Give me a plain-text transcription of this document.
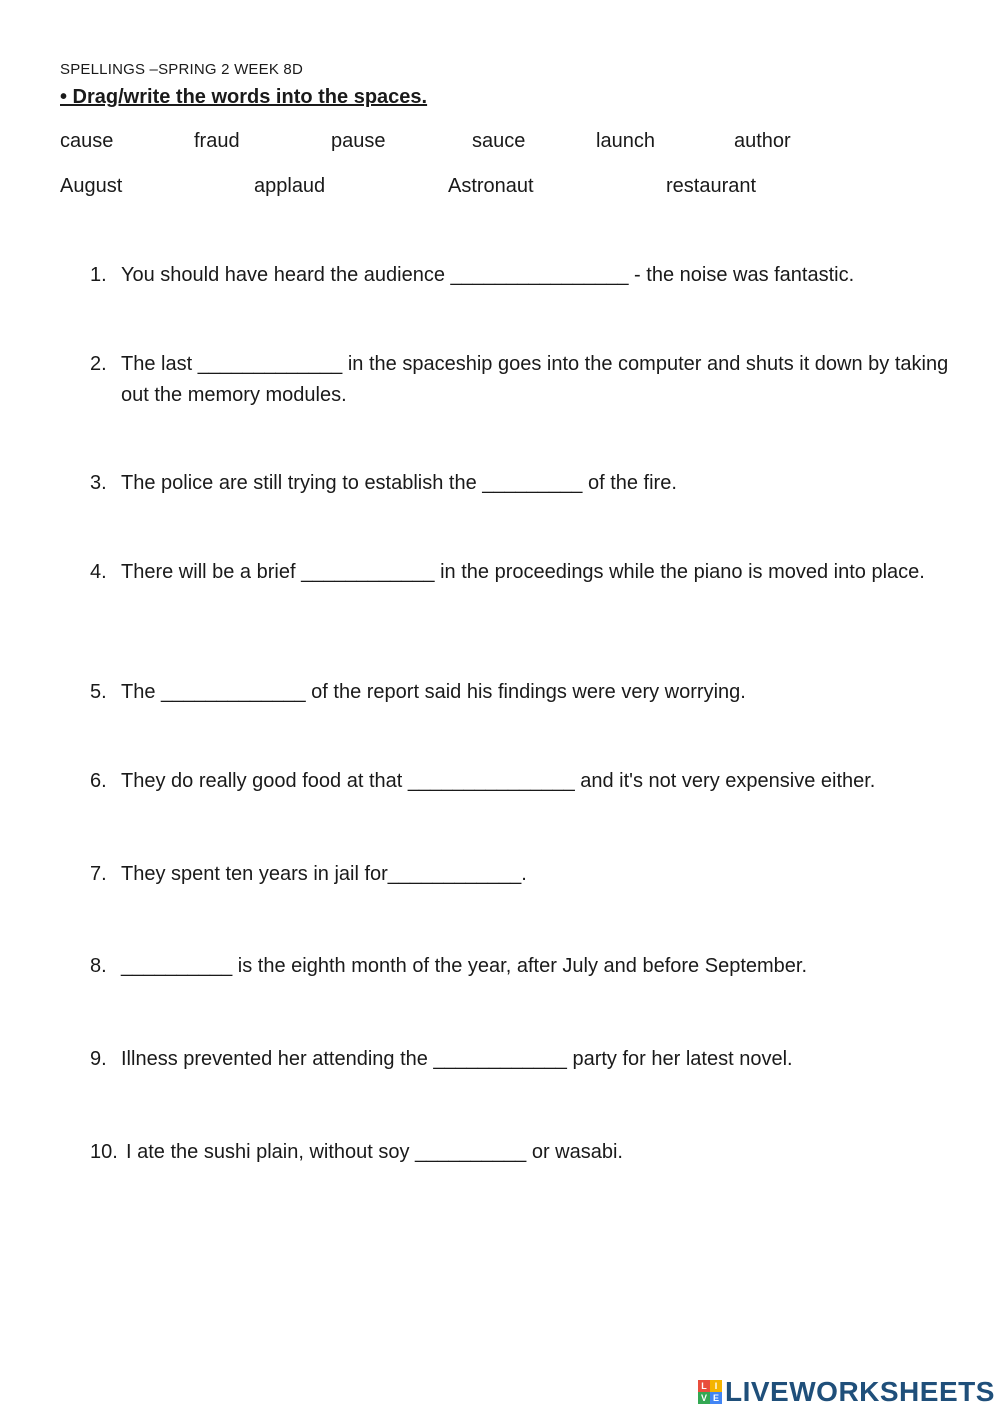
SPELLINGS –SPRING 2 WEEK 8D
• Drag/write the words into the spaces.
cause	fraud	pause	sauce	launch	author
August	applaud	Astronaut	restaurant
1. You should have heard the audience ________________ - the noise was fantastic.
2. The last _____________ in the spaceship goes into the computer and shuts it down by taking out the memory modules.
3. The police are still trying to establish the _________ of the fire.
4. There will be a brief ____________ in the proceedings while the piano is moved into place.
5. The _____________ of the report said his findings were very worrying.
6. They do really good food at that _______________ and it's not very expensive either.
7. They spent ten years in jail for____________.
8. __________ is the eighth month of the year, after July and before September.
9. Illness prevented her attending the ____________ party for her latest novel.
10. I ate the sushi plain, without soy __________ or wasabi.
L I
V E LIVEWORKSHEETS
